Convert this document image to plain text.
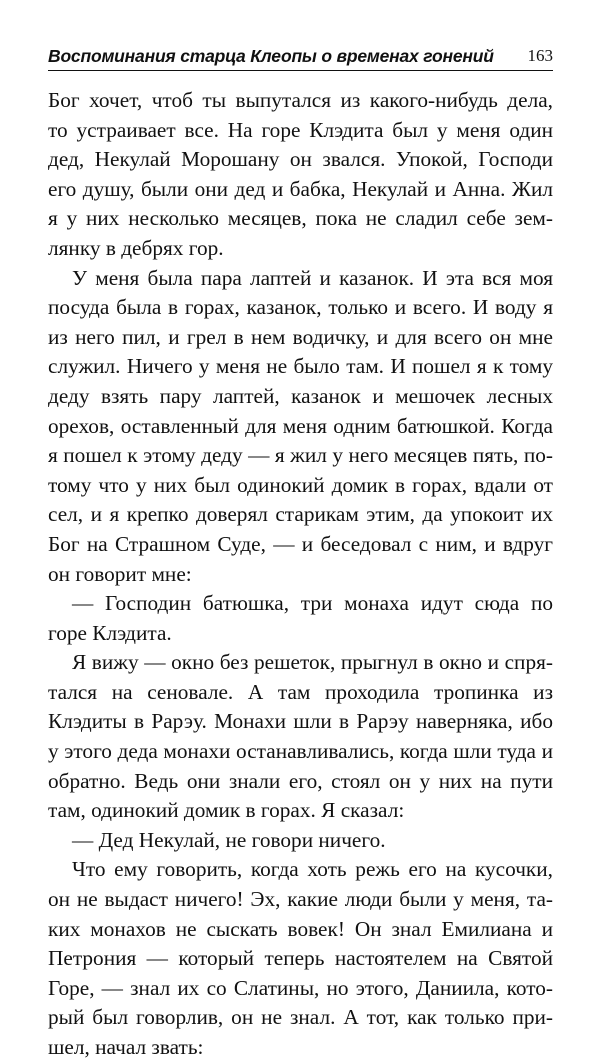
Воспоминания старца Клеопы о временах гонений 163
Бог хочет, чтоб ты выпутался из какого-нибудь дела,
то устраивает все. На горе Клэдита был у меня один
дед, Некулай Морошану он звался. Упокой, Господи
его душу, были они дед и бабка, Некулай и Анна. Жил
я у них несколько месяцев, пока не сладил себе зем-
лянку в дебрях гор.
У меня была пара лаптей и казанок. И эта вся моя
посуда была в горах, казанок, только и всего. И воду я
из него пил, и грел в нем водичку, и для всего он мне
служил. Ничего у меня не было там. И пошел я к тому
деду взять пару лаптей, казанок и мешочек лесных
орехов, оставленный для меня одним батюшкой. Когда
я пошел к этому деду — я жил у него месяцев пять, по-
тому что у них был одинокий домик в горах, вдали от
сел, и я крепко доверял старикам этим, да упокоит их
Бог на Страшном Суде, — и беседовал с ним, и вдруг
он говорит мне:
— Господин батюшка, три монаха идут сюда по
горе Клэдита.
Я вижу — окно без решеток, прыгнул в окно и спря-
тался на сеновале. А там проходила тропинка из
Клэдиты в Рарэу. Монахи шли в Рарэу наверняка, ибо
у этого деда монахи останавливались, когда шли туда и
обратно. Ведь они знали его, стоял он у них на пути
там, одинокий домик в горах. Я сказал:
— Дед Некулай, не говори ничего.
Что ему говорить, когда хоть режь его на кусочки,
он не выдаст ничего! Эх, какие люди были у меня, та-
ких монахов не сыскать вовек! Он знал Емилиана и
Петрония — который теперь настоятелем на Святой
Горе, — знал их со Слатины, но этого, Даниила, кото-
рый был говорлив, он не знал. А тот, как только при-
шел, начал звать:
